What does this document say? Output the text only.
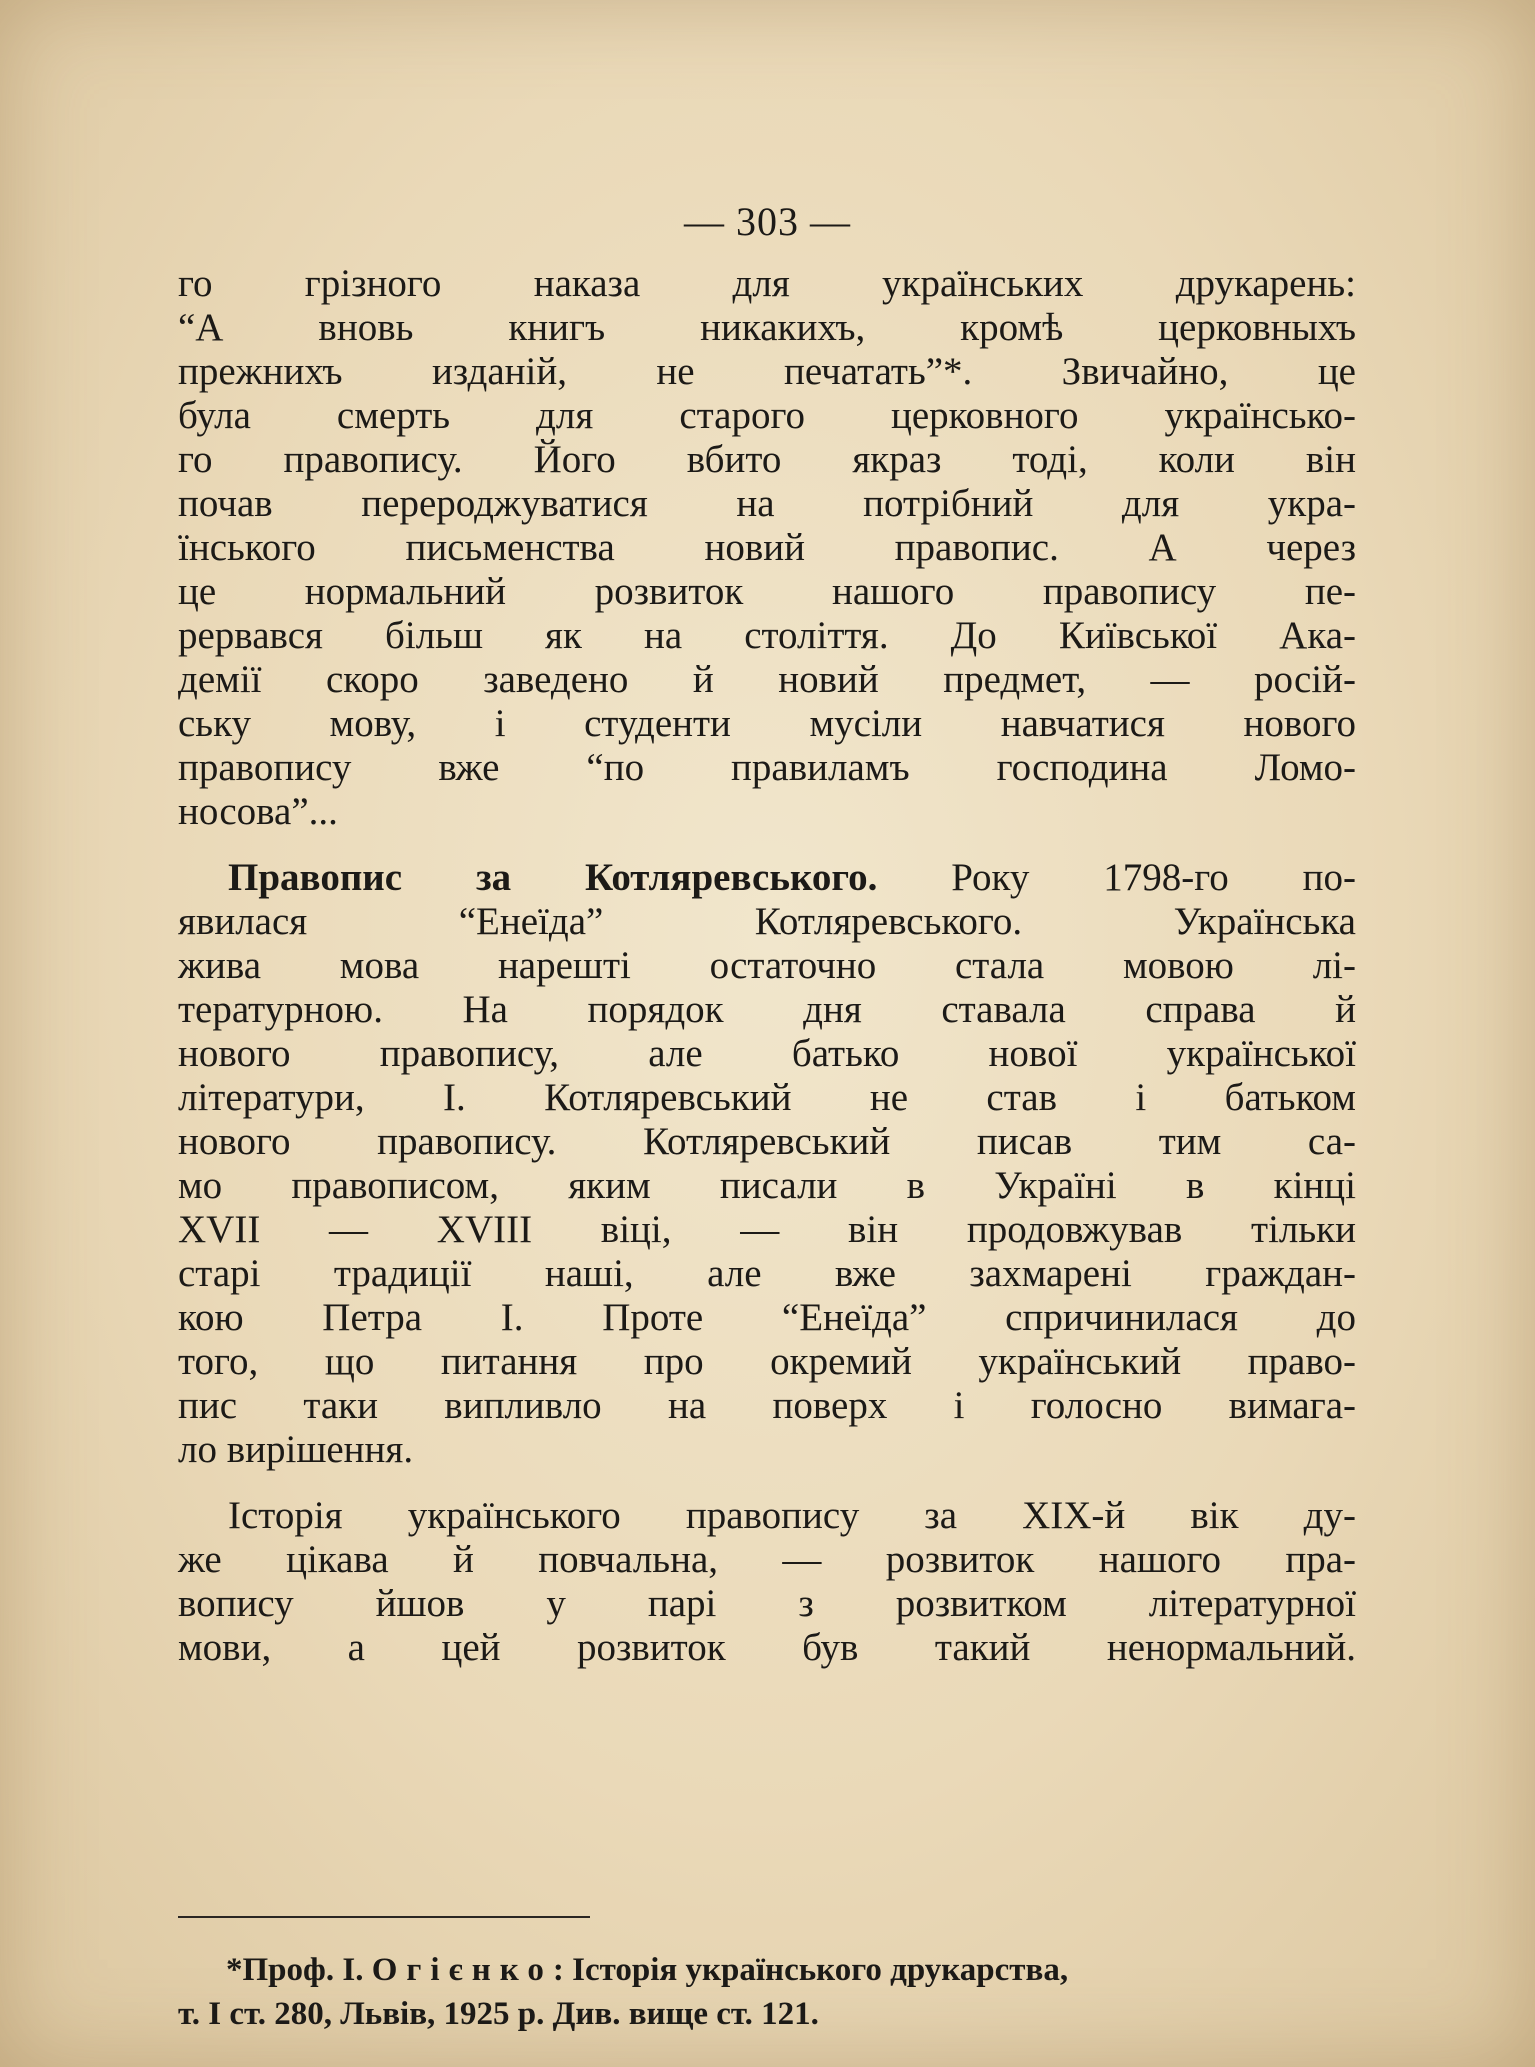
— 303 —
го грізного наказа для українських друкарень:
“А вновь книгъ никакихъ, кромѣ церковныхъ
прежнихъ изданій, не печатать”*. Звичайно, це
була смерть для старого церковного українсько-
го правопису. Його вбито якраз тоді, коли він
почав перероджуватися на потрібний для укра-
їнського письменства новий правопис. А через
це нормальний розвиток нашого правопису пе-
рервався більш як на століття. До Київської Ака-
демії скоро заведено й новий предмет, — росій-
ську мову, і студенти мусіли навчатися нового
правопису вже “по правиламъ господина Ломо-
носова”...
Правопис за Котляревського. Року 1798-го по-
явилася “Енеїда” Котляревського. Українська
жива мова нарешті остаточно стала мовою лі-
тературною. На порядок дня ставала справа й
нового правопису, але батько нової української
літератури, І. Котляревський не став і батьком
нового правопису. Котляревський писав тим са-
мо правописом, яким писали в Україні в кінці
XVII — XVIII віці, — він продовжував тільки
старі традиції наші, але вже захмарені граждан-
кою Петра І. Проте “Енеїда” спричинилася до
того, що питання про окремий український право-
пис таки випливло на поверх і голосно вимага-
ло вирішення.
Історія українського правопису за XIX-й вік ду-
же цікава й повчальна, — розвиток нашого пра-
вопису йшов у парі з розвитком літературної
мови, а цей розвиток був такий ненормальний.
*Проф. І. Огієнко: Історія українського друкарства,
т. І ст. 280, Львів, 1925 р. Див. вище ст. 121.
